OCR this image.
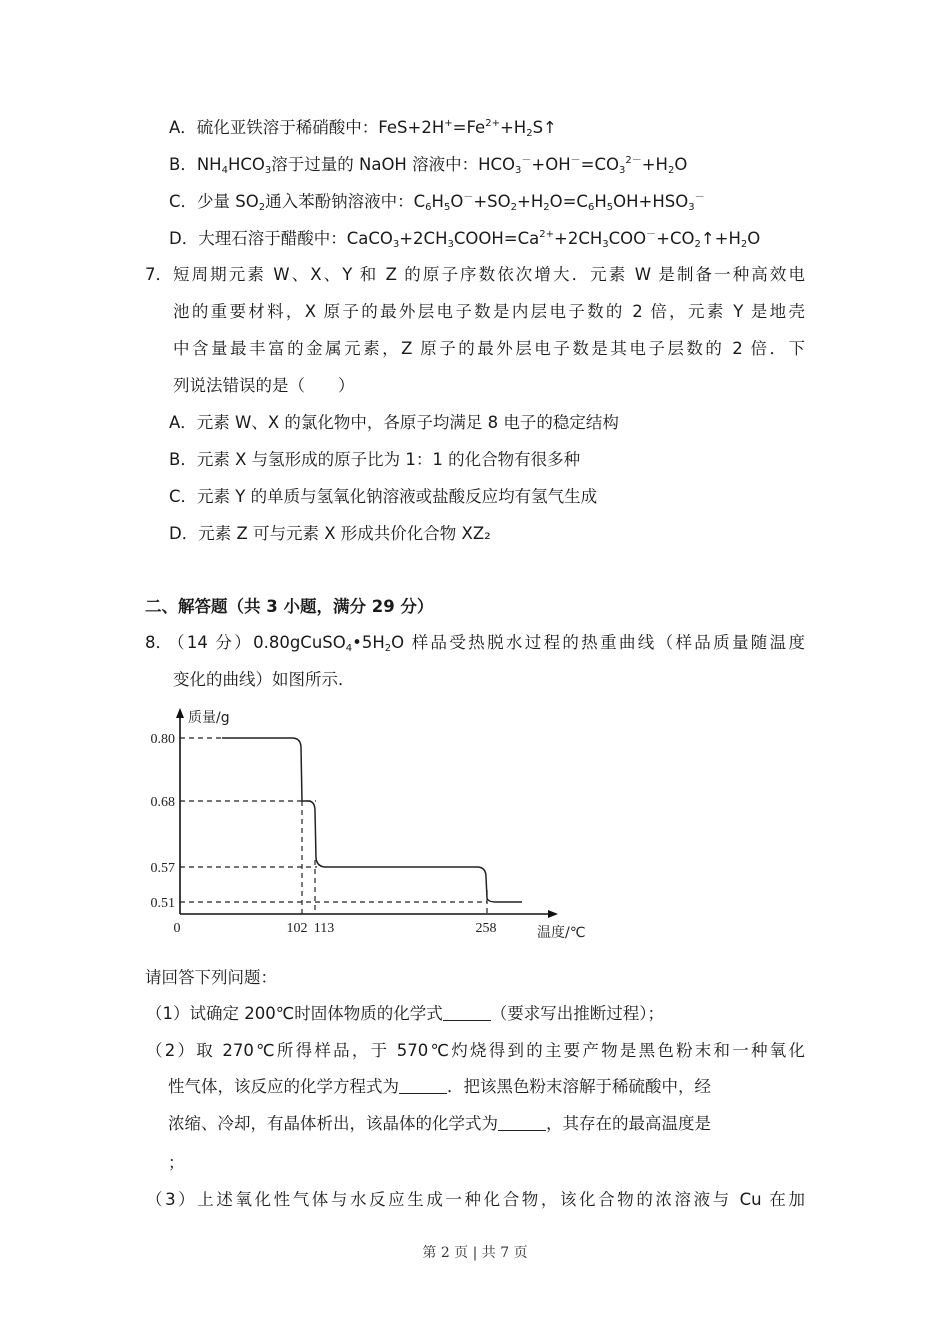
A．硫化亚铁溶于稀硝酸中：$FeS+2H^+=Fe^{2+}+H_2S↑$
B．$NH_4HCO_3$溶于过量的 NaOH 溶液中：$HCO_3^-+OH^-=CO_3^{2-}+H_2O$
C．少量 $SO_2$通入苯酚钠溶液中：$C_6H_5O^-+SO_2+H_2O=C_6H_5OH+HSO_3^-$
D．大理石溶于醋酸中：$CaCO_3+2CH_3COOH=Ca^{2+}+2CH_3COO^-+CO_2↑+H_2O$
7． 短周期元素 W、X、Y 和 Z 的原子序数依次增大．元素 W 是制备一种高效电
池的重要材料，X 原子的最外层电子数是内层电子数的 2 倍，元素 Y 是地壳
中含量最丰富的金属元素，Z 原子的最外层电子数是其电子层数的 2 倍．下
列说法错误的是（　　）
A．元素 W、X 的氯化物中，各原子均满足 8 电子的稳定结构
B．元素 X 与氢形成的原子比为 1：1 的化合物有很多种
C．元素 Y 的单质与氢氧化钠溶液或盐酸反应均有氢气生成
D．元素 Z 可与元素 X 形成共价化合物 XZ₂
二、解答题（共 3 小题，满分 29 分）
8．
（14 分）$0.80gCuSO_4•5H_2O$ 样品受热脱水过程的热重曲线（样品质量随温度
变化的曲线）如图所示．
0.80
0.68
0.57
0.51
0	102 113	258
质量/g
温度/℃
请回答下列问题：
（1）试确定 200℃时固体物质的化学式	（要求写出推断过程）；
（2）取 270℃所得样品，于 570℃灼烧得到的主要产物是黑色粉末和一种氧化
性气体，该反应的化学方程式为	．把该黑色粉末溶解于稀硫酸中，经
浓缩、冷却，有晶体析出，该晶体的化学式为	，其存在的最高温度是
；
（3）上述氧化性气体与水反应生成一种化合物，该化合物的浓溶液与 Cu 在加
第 2 页 | 共 7 页
